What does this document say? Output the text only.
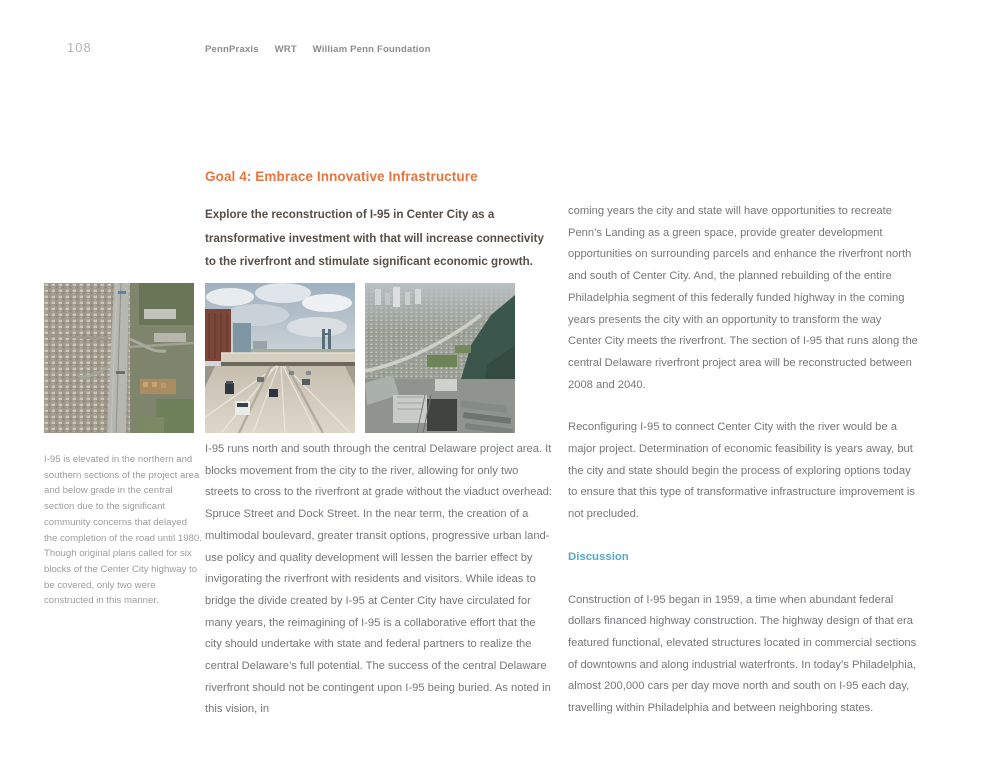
108	PennPraxis WRT William Penn Foundation
Goal 4: Embrace Innovative Infrastructure
Explore the reconstruction of I-95 in Center City as a transformative investment with that will increase connectivity to the riverfront and stimulate significant economic growth.
I-95 is elevated in the northern and southern sections of the project area and below grade in the central section due to the significant community concerns that delayed the completion of the road until 1980. Though original plans called for six blocks of the Center City highway to be covered, only two were constructed in this manner.

I-95 runs north and south through the central Delaware project area. It blocks movement from the city to the river, allowing for only two streets to cross to the riverfront at grade without the viaduct overhead: Spruce Street and Dock Street. In the near term, the creation of a multimodal boulevard, greater transit options, progressive urban land-use policy and quality development will lessen the barrier effect by invigorating the riverfront with residents and visitors. While ideas to bridge the divide created by I-95 at Center City have circulated for many years, the reimagining of I-95 is a collaborative effort that the city should undertake with state and federal partners to realize the central Delaware’s full potential. The success of the central Delaware riverfront should not be contingent upon I-95 being buried. As noted in this vision, in

coming years the city and state will have opportunities to recreate Penn’s Landing as a green space, provide greater development opportunities on surrounding parcels and enhance the riverfront north and south of Center City. And, the planned rebuilding of the entire Philadelphia segment of this federally funded highway in the coming years presents the city with an opportunity to transform the way Center City meets the riverfront. The section of I-95 that runs along the central Delaware riverfront project area will be reconstructed between 2008 and 2040.

Reconfiguring I-95 to connect Center City with the river would be a major project. Determination of economic feasibility is years away, but the city and state should begin the process of exploring options today to ensure that this type of transformative infrastructure improvement is not precluded.

Discussion

Construction of I-95 began in 1959, a time when abundant federal dollars financed highway construction. The highway design of that era featured functional, elevated structures located in commercial sections of downtowns and along industrial waterfronts. In today’s Philadelphia, almost 200,000 cars per day move north and south on I-95 each day, travelling within Philadelphia and between neighboring states.
